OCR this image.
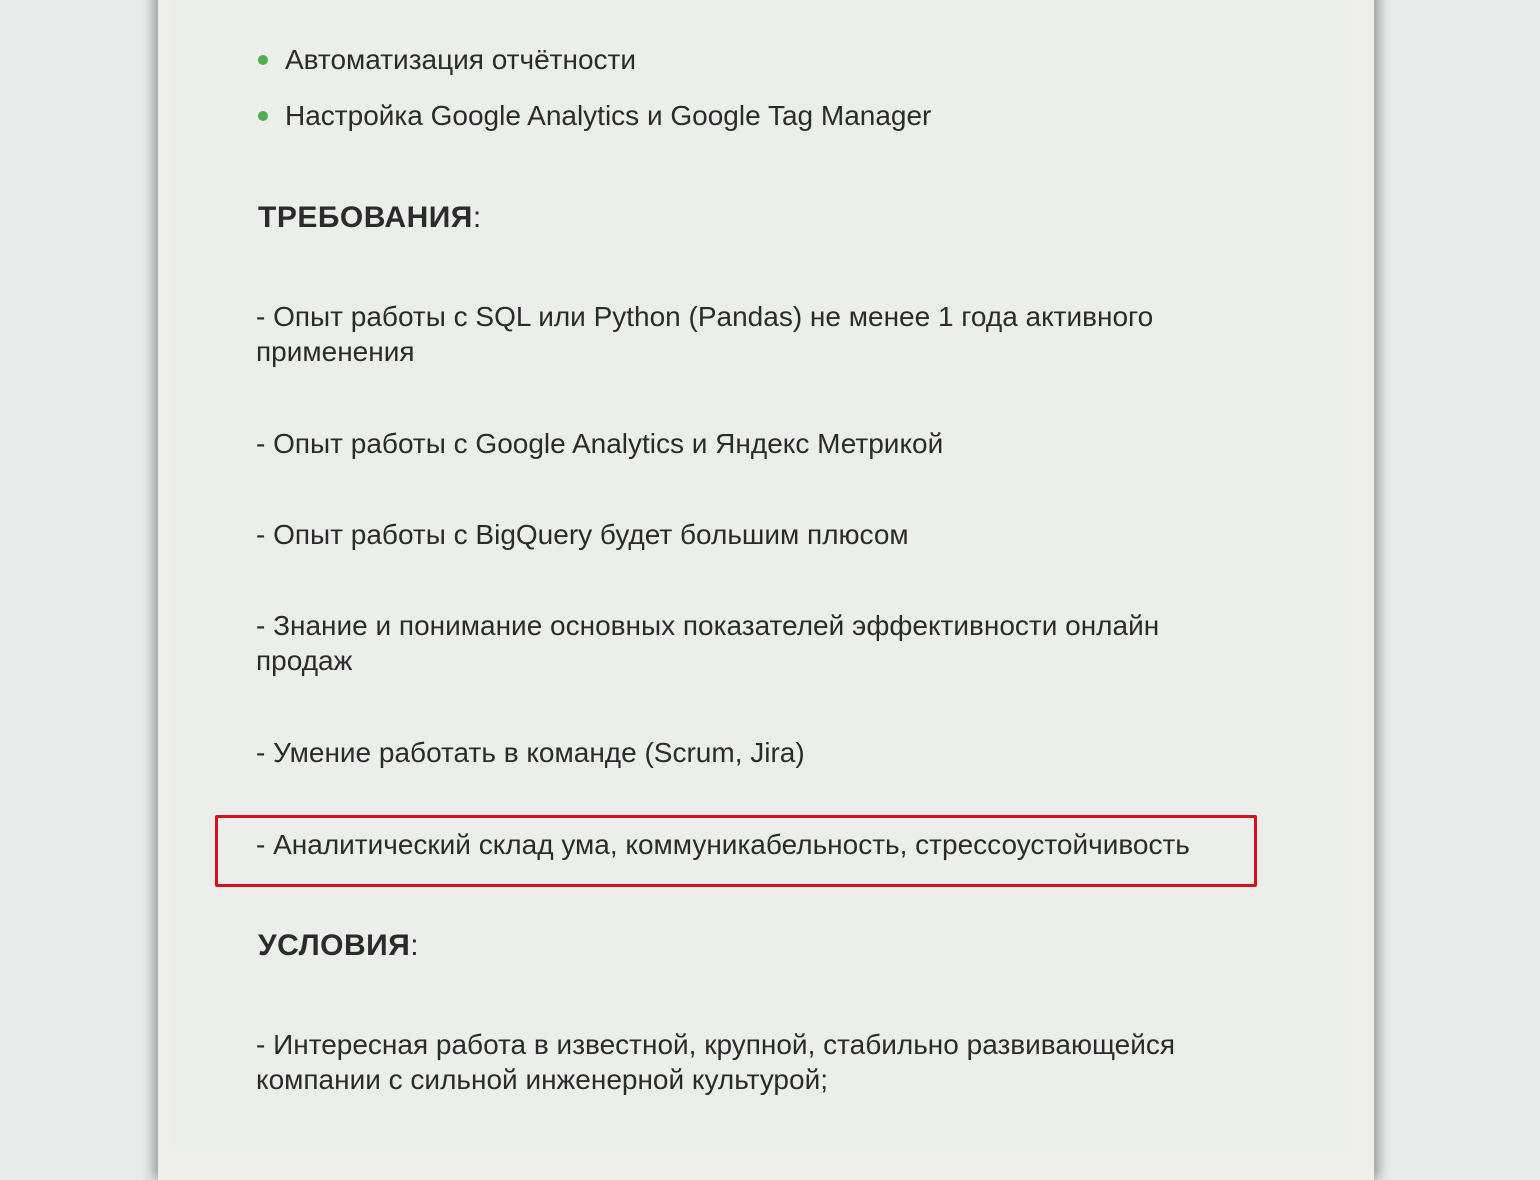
Автоматизация отчётности
Настройка Google Analytics и Google Tag Manager
ТРЕБОВАНИЯ:
- Опыт работы с SQL или Python (Pandas) не менее 1 года активного применения
- Опыт работы с Google Analytics и Яндекс Метрикой
- Опыт работы с BigQuery будет большим плюсом
- Знание и понимание основных показателей эффективности онлайн продаж
- Умение работать в команде (Scrum, Jira)
- Аналитический склад ума, коммуникабельность, стрессоустойчивость
УСЛОВИЯ:
- Интересная работа в известной, крупной, стабильно развивающейся компании с сильной инженерной культурой;
